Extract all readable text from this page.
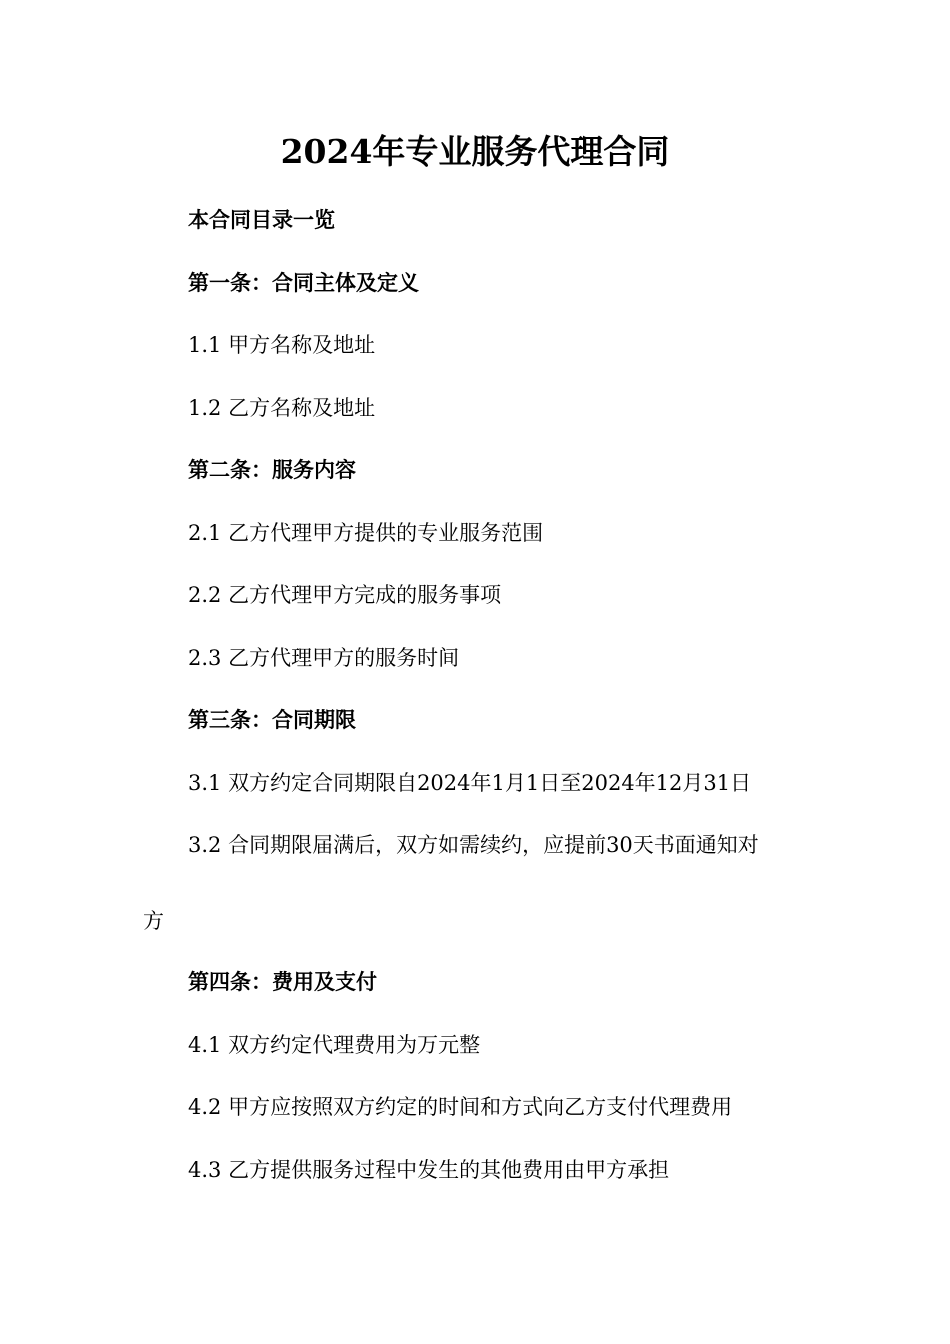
2024年专业服务代理合同
本合同目录一览
第一条：合同主体及定义
1.1 甲方名称及地址
1.2 乙方名称及地址
第二条：服务内容
2.1 乙方代理甲方提供的专业服务范围
2.2 乙方代理甲方完成的服务事项
2.3 乙方代理甲方的服务时间
第三条：合同期限
3.1 双方约定合同期限自2024年1月1日至2024年12月31日
3.2 合同期限届满后，双方如需续约，应提前30天书面通知对
方
第四条：费用及支付
4.1 双方约定代理费用为万元整
4.2 甲方应按照双方约定的时间和方式向乙方支付代理费用
4.3 乙方提供服务过程中发生的其他费用由甲方承担
